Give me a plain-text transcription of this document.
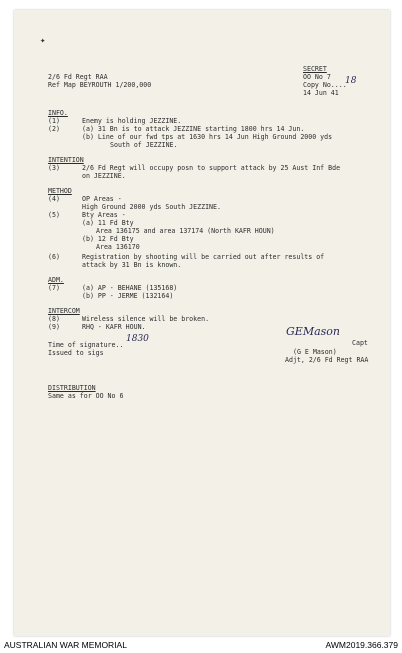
✦
2/6 Fd Regt RAA
Ref Map BEYROUTH 1/200,000
SECRET
OO No 7
Copy No....
18
14 Jun 41
INFO.
(1)	Enemy is holding JEZZINE.
(2)	(a) 31 Bn is to attack JEZZINE starting 1800 hrs 14 Jun.
(b) Line of our fwd tps at 1630 hrs 14 Jun High Ground 2000 yds
South of JEZZINE.
INTENTION
(3)	2/6 Fd Regt will occupy posn to support attack by 25 Aust Inf Bde
on JEZZINE.
METHOD
(4)	OP Areas -
High Ground 2000 yds South JEZZINE.
(5)	Bty Areas -
(a) 11 Fd Bty
Area 136175 and area 137174 (North KAFR HOUN)
(b) 12 Fd Bty
Area 136170
(6)	Registration by shooting will be carried out after results of
attack by 31 Bn is known.
ADM.
(7)	(a) AP - BEHANE (135168)
(b) PP - JERME (132164)
INTERCOM
(8)	Wireless silence will be broken.
(9)	RHQ - KAFR HOUN.
Time of signature..
1830
Issued to sigs
GEMason
Capt
(G E Mason)
Adjt, 2/6 Fd Regt RAA
DISTRIBUTION
Same as for OO No 6
AUSTRALIAN WAR MEMORIAL	AWM2019.366.379
